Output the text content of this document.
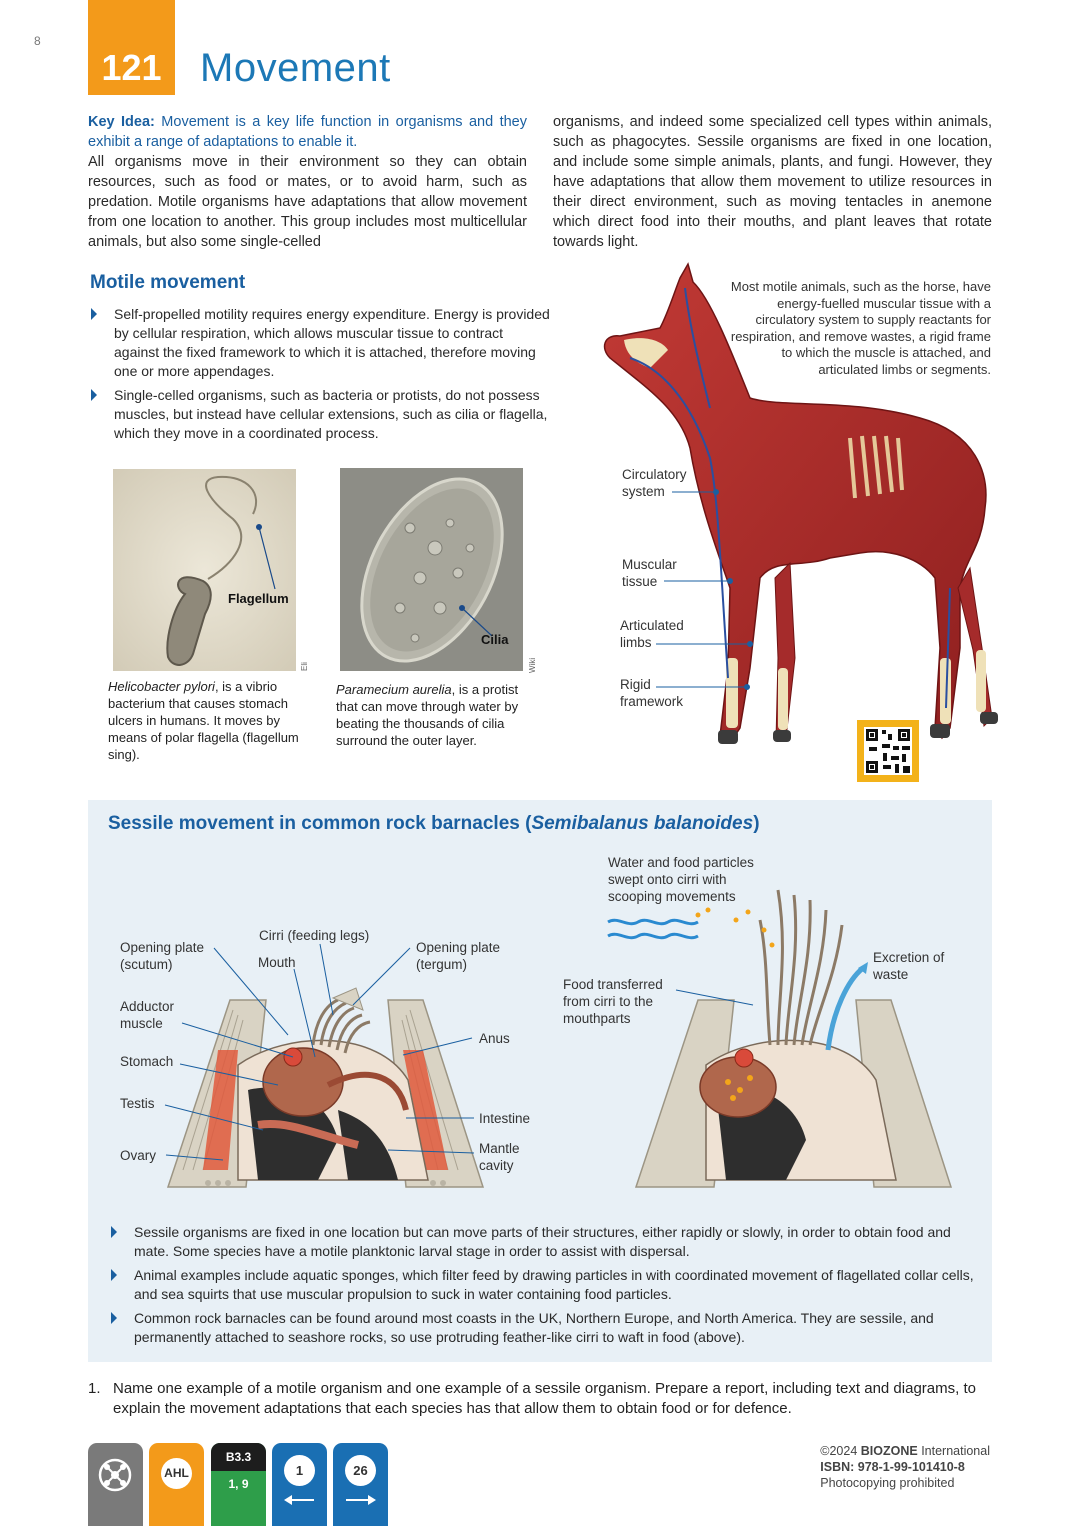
8
121 Movement
Key Idea: Movement is a key life function in organisms and they exhibit a range of adaptations to enable it.
All organisms move in their environment so they can obtain resources, such as food or mates, or to avoid harm, such as predation. Motile organisms have adaptations that allow movement from one location to another. This group includes most multicellular animals, but also some single-celled
organisms, and indeed some specialized cell types within animals, such as phagocytes. Sessile organisms are fixed in one location, and include some simple animals, plants, and fungi. However, they have adaptations that allow them movement to utilize resources in their direct environment, such as moving tentacles in anemone which direct food into their mouths, and plant leaves that rotate towards light.
Motile movement
Self-propelled motility requires energy expenditure. Energy is provided by cellular respiration, which allows muscular tissue to contract against the fixed framework to which it is attached, therefore moving one or more appendages.
Single-celled organisms, such as bacteria or protists, do not possess muscles, but instead have cellular extensions, such as cilia or flagella, which they move in a coordinated process.
Flagellum
Eli
Helicobacter pylori, is a vibrio bacterium that causes stomach ulcers in humans. It moves by means of polar flagella (flagellum sing).
Cilia
Wiki
Paramecium aurelia, is a protist that can move through water by beating the thousands of cilia surround the outer layer.
Most motile animals, such as the horse, have energy-fuelled muscular tissue with a circulatory system to supply reactants for respiration, and remove wastes, a rigid frame to which the muscle is attached, and articulated limbs or segments.
Circulatory system
Muscular tissue
Articulated limbs
Rigid framework
Sessile movement in common rock barnacles (Semibalanus balanoides)
Opening plate (scutum)
Cirri (feeding legs)
Mouth
Opening plate (tergum)
Adductor muscle
Stomach
Testis
Ovary
Anus
Intestine
Mantle cavity
Water and food particles swept onto cirri with scooping movements
Food transferred from cirri to the mouthparts
Excretion of waste
Sessile organisms are fixed in one location but can move parts of their structures, either rapidly or slowly, in order to obtain food and mate. Some species have a motile planktonic larval stage in order to assist with dispersal.
Animal examples include aquatic sponges, which filter feed by drawing particles in with coordinated movement of flagellated collar cells, and sea squirts that use muscular propulsion to suck in water containing food particles.
Common rock barnacles can be found around most coasts in the UK, Northern Europe, and North America. They are sessile, and permanently attached to seashore rocks, so use protruding feather-like cirri to waft in food (above).
1. Name one example of a motile organism and one example of a sessile organism. Prepare a report, including text and diagrams, to explain the movement adaptations that each species has that allow them to obtain food or for defence.
AHL
B3.3
1, 9
1	26
©2024 BIOZONE International
ISBN: 978-1-99-101410-8
Photocopying prohibited
